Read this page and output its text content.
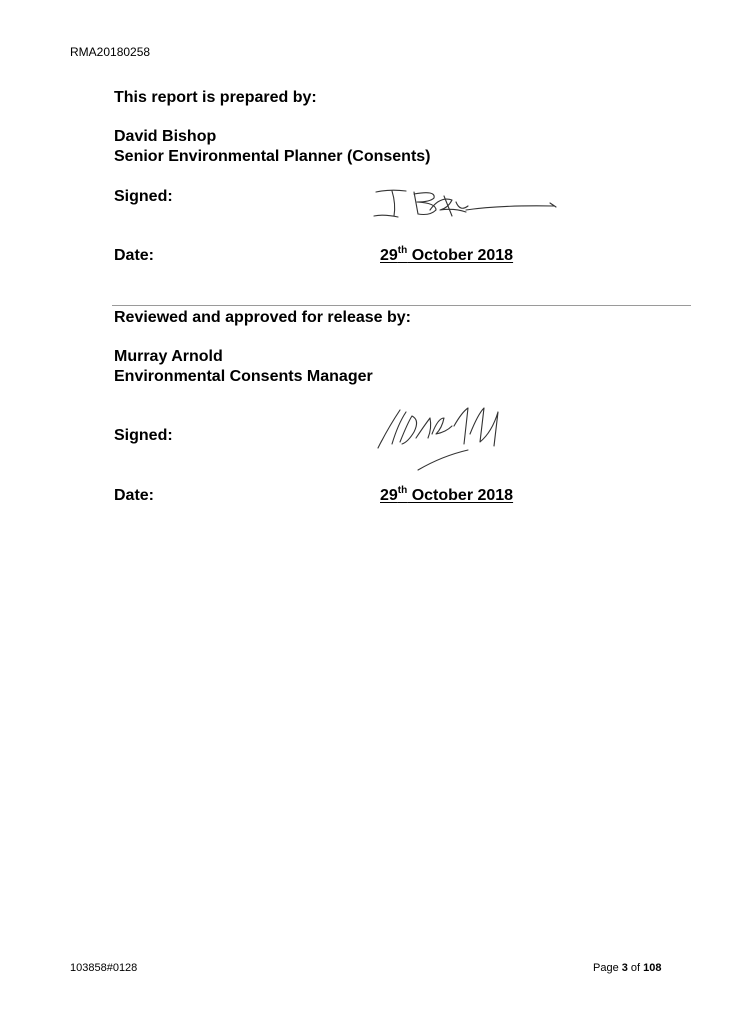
RMA20180258
This report is prepared by:
David Bishop
Senior Environmental Planner (Consents)
Signed:
Date:	29th October 2018
Reviewed and approved for release by:
Murray Arnold
Environmental Consents Manager
Signed:
Date:	29th October 2018
103858#0128	Page 3 of 108
